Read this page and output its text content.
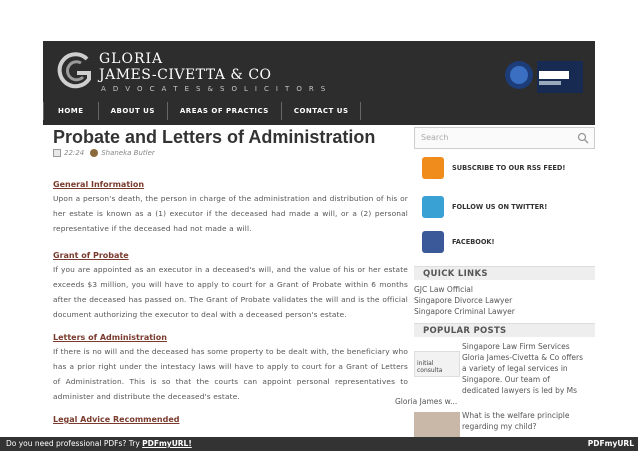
GLORIA
JAMES-CIVETTA & CO
A D V O C A T E S & S O L I C I T O R S
HOME	ABOUT US	AREAS OF PRACTICS	CONTACT US
Probate and Letters of Administration
22:24 Shaneka Butler
General Information
Upon a person's death, the person in charge of the administration and distribution of his or her estate is known as a (1) executor if the deceased had made a will, or a (2) personal representative if the deceased had not made a will.
Grant of Probate
If you are appointed as an executor in a deceased's will, and the value of his or her estate exceeds $3 million, you will have to apply to court for a Grant of Probate within 6 months after the deceased has passed on. The Grant of Probate validates the will and is the official document authorizing the executor to deal with a deceased person's estate.
Letters of Administration
If there is no will and the deceased has some property to be dealt with, the beneficiary who has a prior right under the intestacy laws will have to apply to court for a Grant of Letters of Administration. This is so that the courts can appoint personal representatives to administer and distribute the deceased's estate.
Legal Advice Recommended
Search
SUBSCRIBE TO OUR RSS FEED!
FOLLOW US ON TWITTER!
FACEBOOK!
QUICK LINKS
GJC Law Official
Singapore Divorce Lawyer
Singapore Criminal Lawyer
POPULAR POSTS
initial consulta
Singapore Law Firm Services
Gloria James-Civetta & Co offers
a variety of legal services in
Singapore. Our team of
dedicated lawyers is led by Ms
Gloria James w...
What is the welfare principle
regarding my child?
Do you need professional PDFs? Try PDFmyURL!	PDFmyURL
